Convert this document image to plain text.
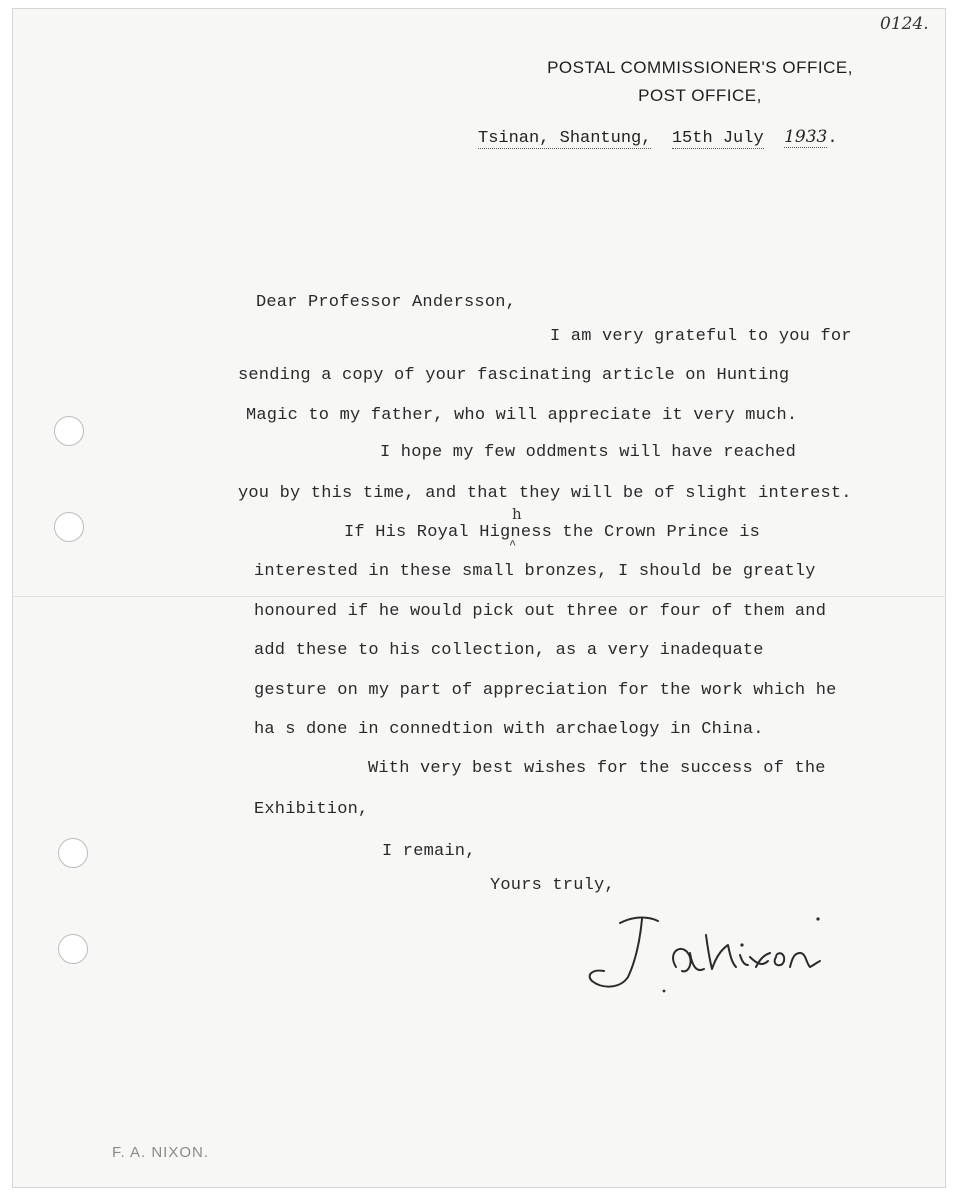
0124.
POSTAL COMMISSIONER'S OFFICE,
POST OFFICE,
Tsinan, Shantung, 15th July 1933.
Dear Professor Andersson,
I am very grateful to you for
sending a copy of your fascinating article on Hunting
Magic to my father, who will appreciate it very much.
I hope my few oddments will have reached
you by this time, and that they will be of slight interest.
If His Royal Higness the Crown Prince is
h
^
interested in these small bronzes, I should be greatly
honoured if he would pick out three or four of them and
add these to his collection, as a very inadequate
gesture on my part of appreciation for the work which he
ha s done in connedtion with archaelogy in China.
With very best wishes for the success of the
Exhibition,
I remain,
Yours truly,
F. A. NIXON.
